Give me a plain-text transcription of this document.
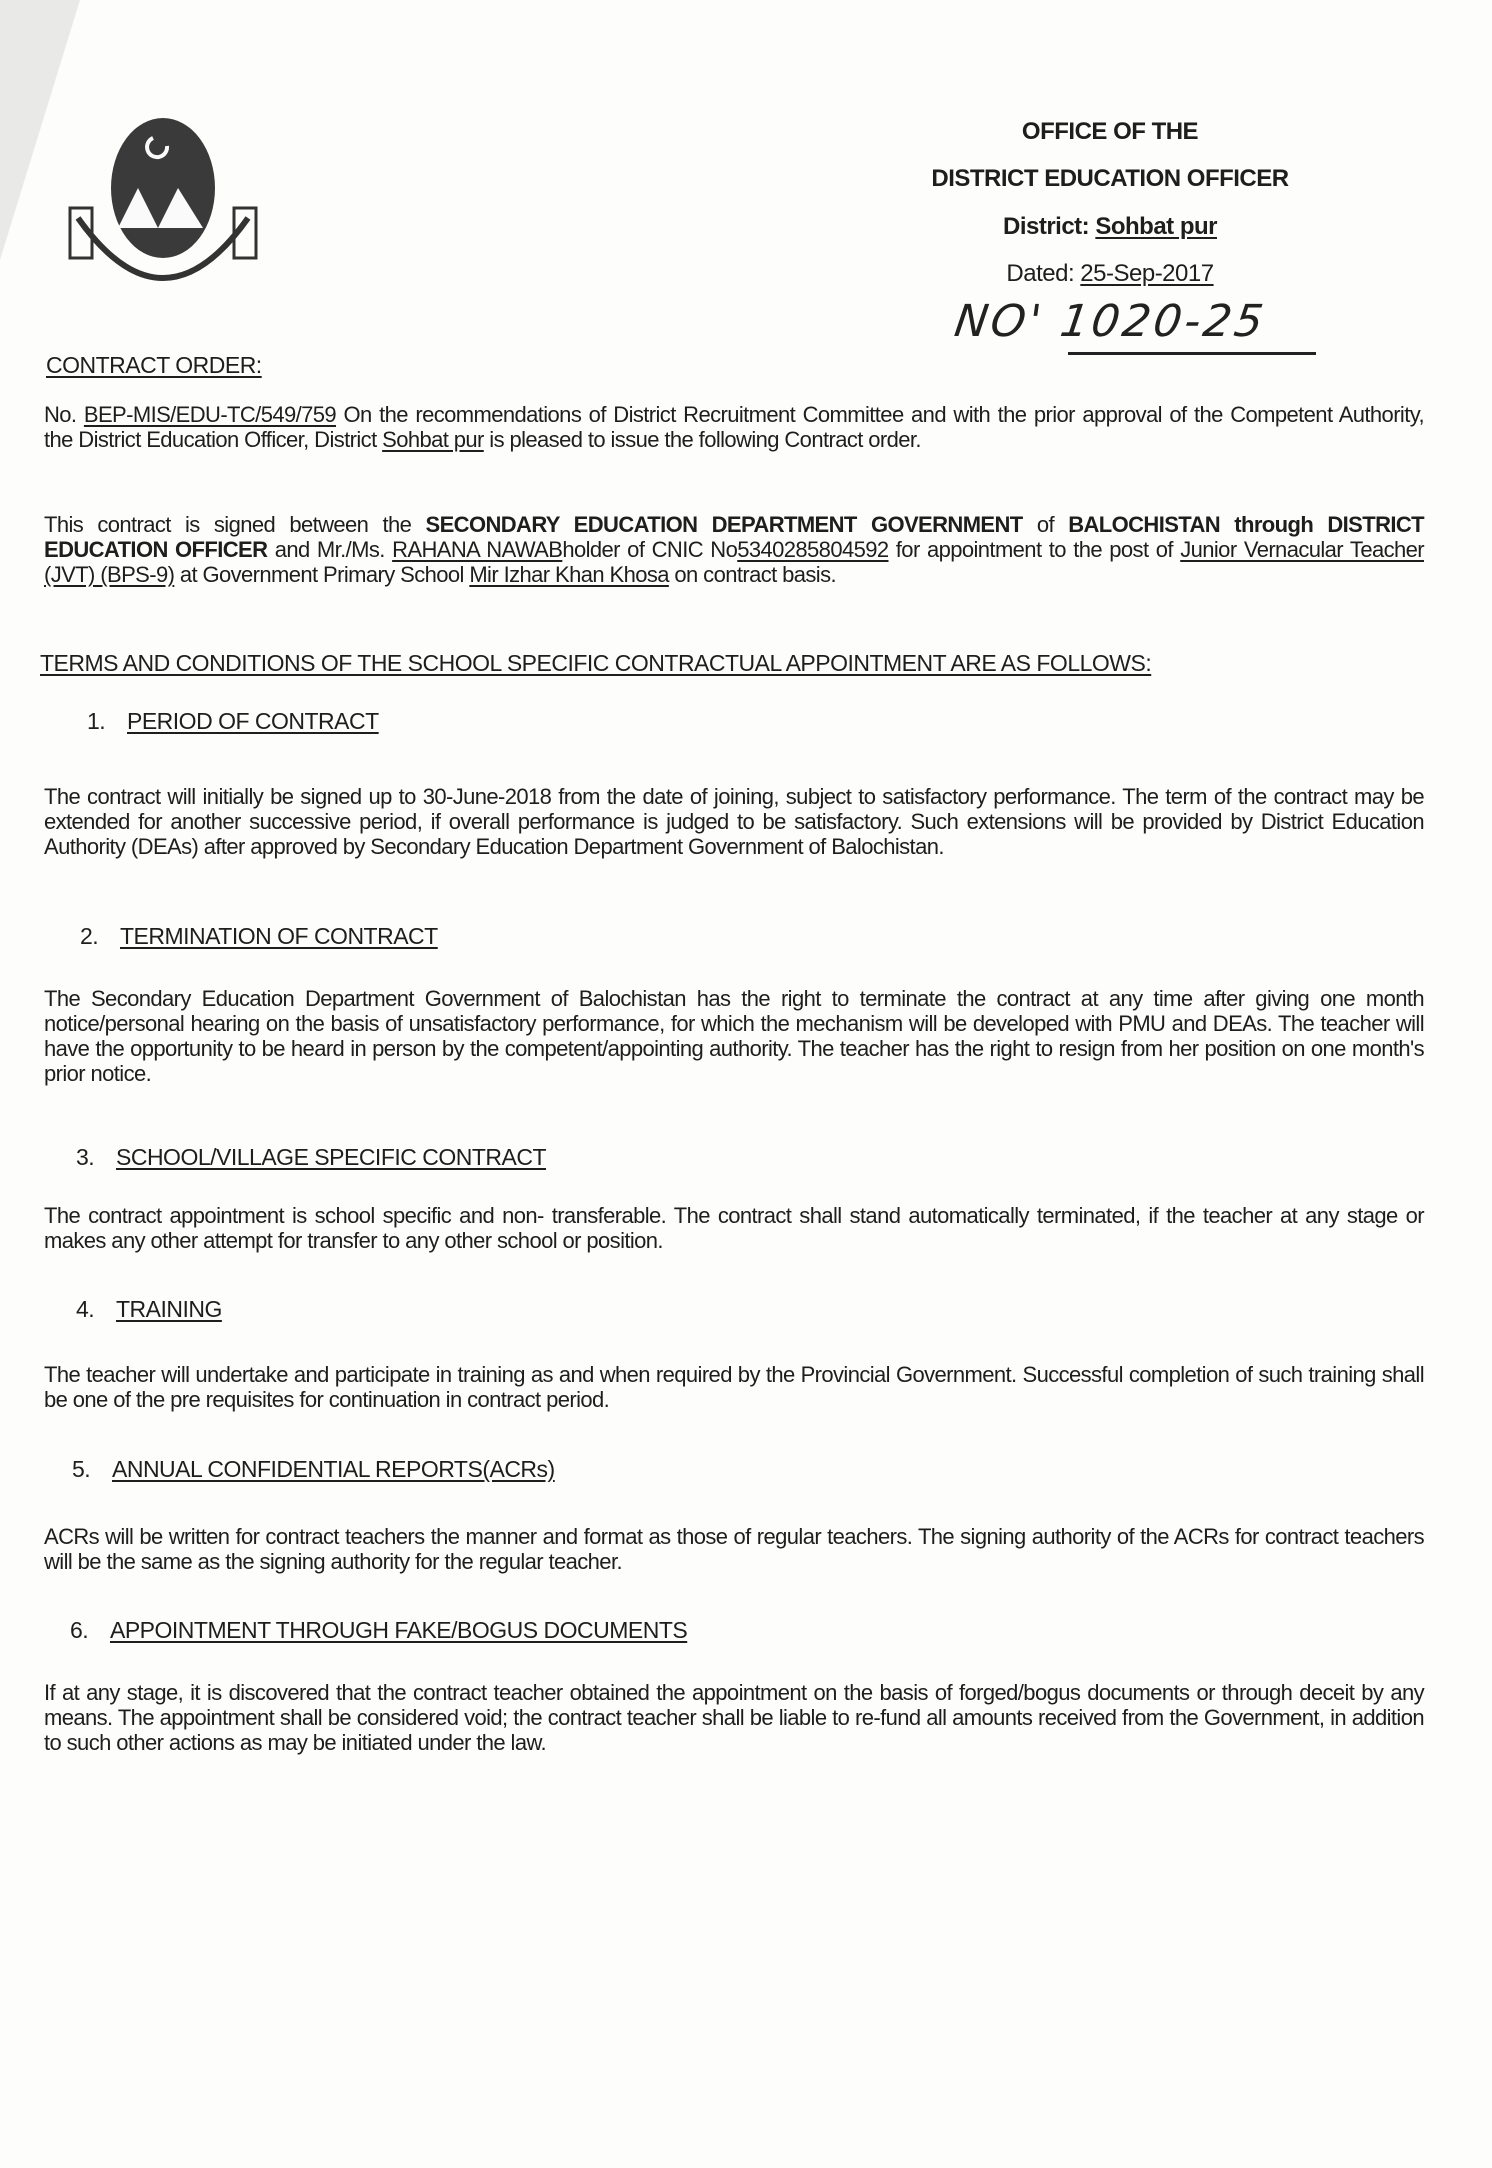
OFFICE OF THE
DISTRICT EDUCATION OFFICER
District: Sohbat pur
Dated: 25-Sep-2017
NO' 1020-25
CONTRACT ORDER:
No. BEP-MIS/EDU-TC/549/759 On the recommendations of District Recruitment Committee and with the prior approval of the Competent Authority, the District Education Officer, District Sohbat pur is pleased to issue the following Contract order.
This contract is signed between the SECONDARY EDUCATION DEPARTMENT GOVERNMENT of BALOCHISTAN through DISTRICT EDUCATION OFFICER and Mr./Ms. RAHANA NAWABholder of CNIC No5340285804592 for appointment to the post of Junior Vernacular Teacher (JVT) (BPS-9) at Government Primary School Mir Izhar Khan Khosa on contract basis.
TERMS AND CONDITIONS OF THE SCHOOL SPECIFIC CONTRACTUAL APPOINTMENT ARE AS FOLLOWS:
1. PERIOD OF CONTRACT
The contract will initially be signed up to 30-June-2018 from the date of joining, subject to satisfactory performance. The term of the contract may be extended for another successive period, if overall performance is judged to be satisfactory. Such extensions will be provided by District Education Authority (DEAs) after approved by Secondary Education Department Government of Balochistan.
2. TERMINATION OF CONTRACT
The Secondary Education Department Government of Balochistan has the right to terminate the contract at any time after giving one month notice/personal hearing on the basis of unsatisfactory performance, for which the mechanism will be developed with PMU and DEAs. The teacher will have the opportunity to be heard in person by the competent/appointing authority. The teacher has the right to resign from her position on one month's prior notice.
3. SCHOOL/VILLAGE SPECIFIC CONTRACT
The contract appointment is school specific and non- transferable. The contract shall stand automatically terminated, if the teacher at any stage or makes any other attempt for transfer to any other school or position.
4. TRAINING
The teacher will undertake and participate in training as and when required by the Provincial Government. Successful completion of such training shall be one of the pre requisites for continuation in contract period.
5. ANNUAL CONFIDENTIAL REPORTS(ACRs)
ACRs will be written for contract teachers the manner and format as those of regular teachers. The signing authority of the ACRs for contract teachers will be the same as the signing authority for the regular teacher.
6. APPOINTMENT THROUGH FAKE/BOGUS DOCUMENTS
If at any stage, it is discovered that the contract teacher obtained the appointment on the basis of forged/bogus documents or through deceit by any means. The appointment shall be considered void; the contract teacher shall be liable to re-fund all amounts received from the Government, in addition to such other actions as may be initiated under the law.
